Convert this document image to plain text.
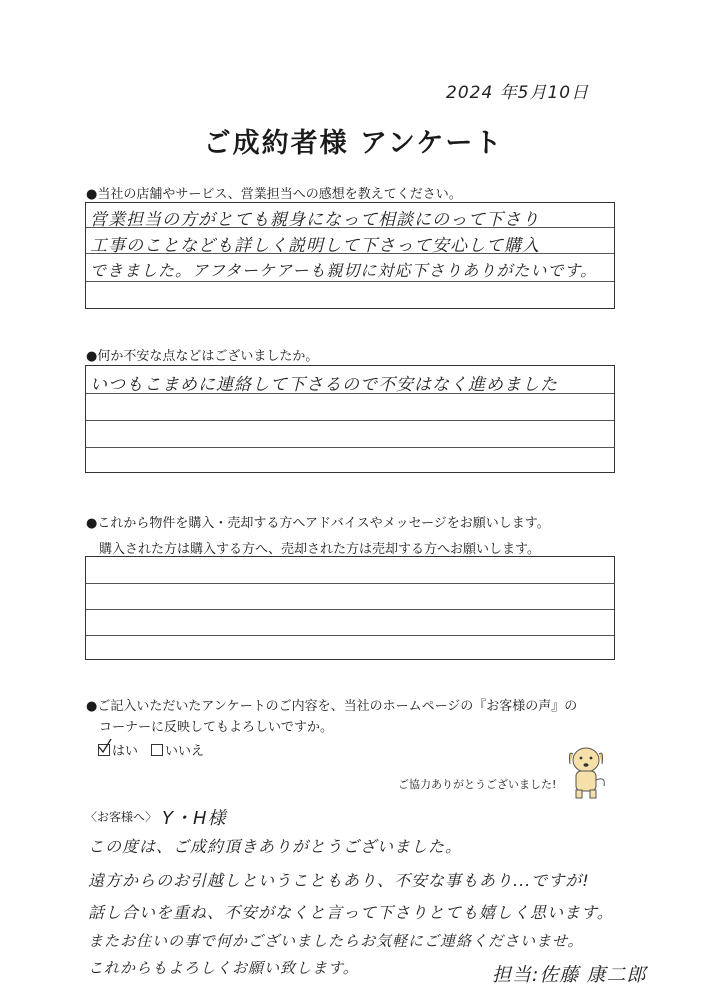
2024 年5月10日
ご成約者様 アンケート
●当社の店舗やサービス、営業担当への感想を教えてください。
営業担当の方がとても親身になって相談にのって下さり
工事のことなども詳しく説明して下さって安心して購入
できました。アフターケアーも親切に対応下さりありがたいです。
●何か不安な点などはございましたか。
いつもこまめに連絡して下さるので不安はなく進めました
●これから物件を購入・売却する方へアドバイスやメッセージをお願いします。
購入された方は購入する方へ、売却された方は売却する方へお願いします。
●ご記入いただいたアンケートのご内容を、当社のホームページの『お客様の声』の
コーナーに反映してもよろしいですか。
はい	いいえ
ご協力ありがとうございました!
〈お客様へ〉 Y・H様
この度は、ご成約頂きありがとうございました。
遠方からのお引越しということもあり、不安な事もあり...ですが!
話し合いを重ね、不安がなくと言って下さりとても嬉しく思います。
またお住いの事で何かございましたらお気軽にご連絡くださいませ。
これからもよろしくお願い致します。	担当:佐藤 康二郎
